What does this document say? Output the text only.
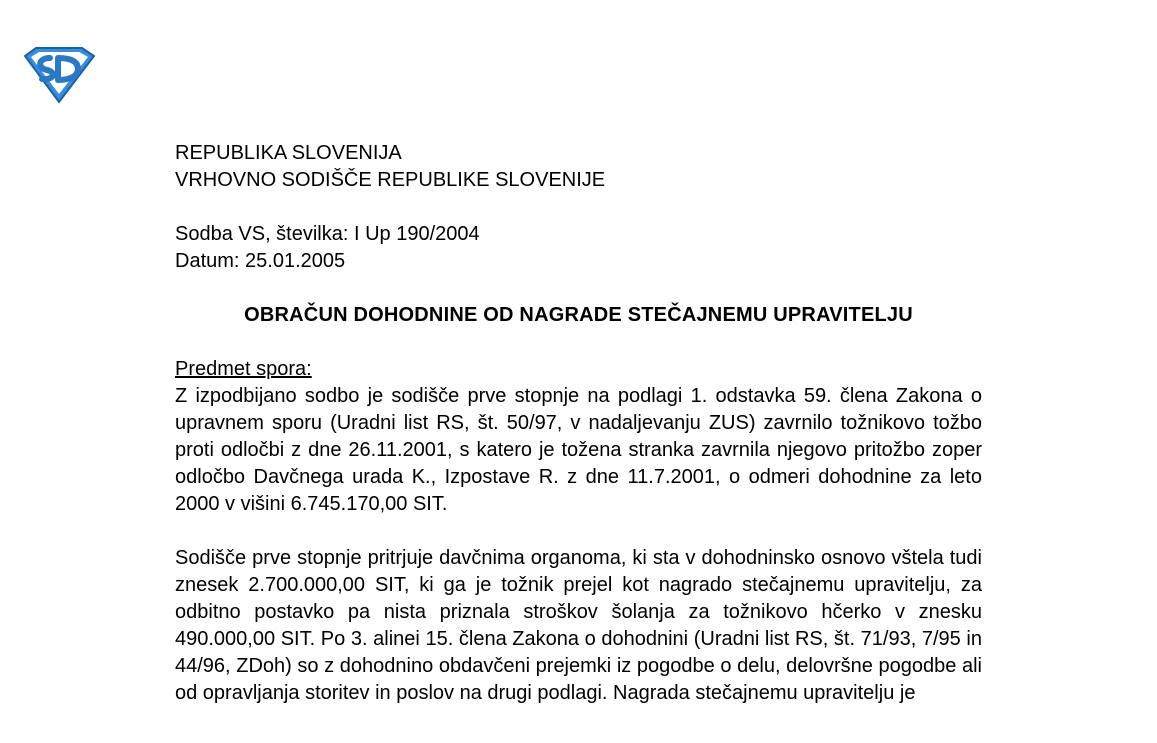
REPUBLIKA SLOVENIJA
VRHOVNO SODIŠČE REPUBLIKE SLOVENIJE
Sodba VS, številka: I Up 190/2004
Datum: 25.01.2005
OBRAČUN DOHODNINE OD NAGRADE STEČAJNEMU UPRAVITELJU
Predmet spora:

Z izpodbijano sodbo je sodišče prve stopnje na podlagi 1. odstavka 59. člena Zakona o upravnem sporu (Uradni list RS, št. 50/97, v nadaljevanju ZUS) zavrnilo tožnikovo tožbo proti odločbi z dne 26.11.2001, s katero je tožena stranka zavrnila njegovo pritožbo zoper odločbo Davčnega urada K., Izpostave R. z dne 11.7.2001, o odmeri dohodnine za leto 2000 v višini 6.745.170,00 SIT.

Sodišče prve stopnje pritrjuje davčnima organoma, ki sta v dohodninsko osnovo vštela tudi znesek 2.700.000,00 SIT, ki ga je tožnik prejel kot nagrado stečajnemu upravitelju, za odbitno postavko pa nista priznala stroškov šolanja za tožnikovo hčerko v znesku 490.000,00 SIT. Po 3. alinei 15. člena Zakona o dohodnini (Uradni list RS, št. 71/93, 7/95 in 44/96, ZDoh) so z dohodnino obdavčeni prejemki iz pogodbe o delu, delovršne pogodbe ali od opravljanja storitev in poslov na drugi podlagi. Nagrada stečajnemu upravitelju je
